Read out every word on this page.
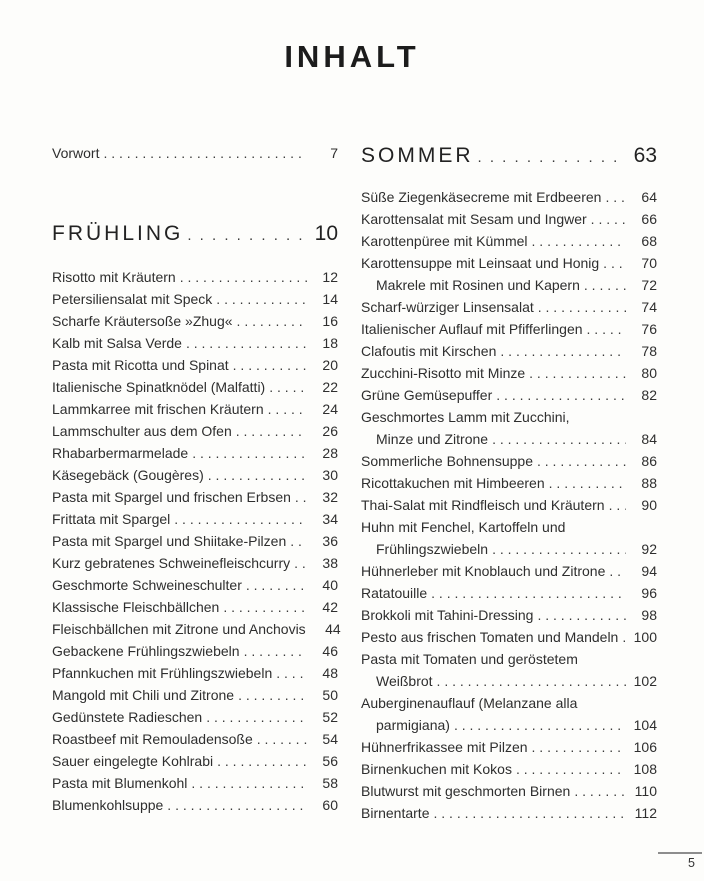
INHALT
Vorwort . . .	7
FRÜHLING . . .	10
Risotto mit Kräutern . . .	12
Petersiliensalat mit Speck . . .	14
Scharfe Kräutersoße »Zhug« . . .	16
Kalb mit Salsa Verde . . .	18
Pasta mit Ricotta und Spinat . . .	20
Italienische Spinatknödel (Malfatti) . . .	22
Lammkarree mit frischen Kräutern . . .	24
Lammschulter aus dem Ofen . . .	26
Rhabarbermarmelade . . .	28
Käsegebäck (Gougères) . . .	30
Pasta mit Spargel und frischen Erbsen . . .	32
Frittata mit Spargel . . .	34
Pasta mit Spargel und Shiitake-Pilzen . . .	36
Kurz gebratenes Schweinefleischcurry . . .	38
Geschmorte Schweineschulter . . .	40
Klassische Fleischbällchen . . .	42
Fleischbällchen mit Zitrone und Anchovis	44
Gebackene Frühlingszwiebeln . . .	46
Pfannkuchen mit Frühlingszwiebeln . . .	48
Mangold mit Chili und Zitrone . . .	50
Gedünstete Radieschen . . .	52
Roastbeef mit Remouladensoße . . .	54
Sauer eingelegte Kohlrabi . . .	56
Pasta mit Blumenkohl . . .	58
Blumenkohlsuppe . . .	60
SOMMER . . .	63
Süße Ziegenkäsecreme mit Erdbeeren . . .	64
Karottensalat mit Sesam und Ingwer . . .	66
Karottenpüree mit Kümmel . . .	68
Karottensuppe mit Leinsaat und Honig . . .	70
Makrele mit Rosinen und Kapern . . .	72
Scharf-würziger Linsensalat . . .	74
Italienischer Auflauf mit Pfifferlingen . . .	76
Clafoutis mit Kirschen . . .	78
Zucchini-Risotto mit Minze . . .	80
Grüne Gemüsepuffer . . .	82
Geschmortes Lamm mit Zucchini,
Minze und Zitrone . . .	84
Sommerliche Bohnensuppe . . .	86
Ricottakuchen mit Himbeeren . . .	88
Thai-Salat mit Rindfleisch und Kräutern . . .	90
Huhn mit Fenchel, Kartoffeln und
Frühlingszwiebeln . . .	92
Hühnerleber mit Knoblauch und Zitrone . . .	94
Ratatouille . . .	96
Brokkoli mit Tahini-Dressing . . .	98
Pesto aus frischen Tomaten und Mandeln . . . 100
Pasta mit Tomaten und geröstetem
Weißbrot . . .	102
Auberginenauflauf (Melanzane alla
parmigiana) . . .	104
Hühnerfrikassee mit Pilzen . . .	106
Birnenkuchen mit Kokos . . .	108
Blutwurst mit geschmorten Birnen . . .	110
Birnentarte . . .	112
5
